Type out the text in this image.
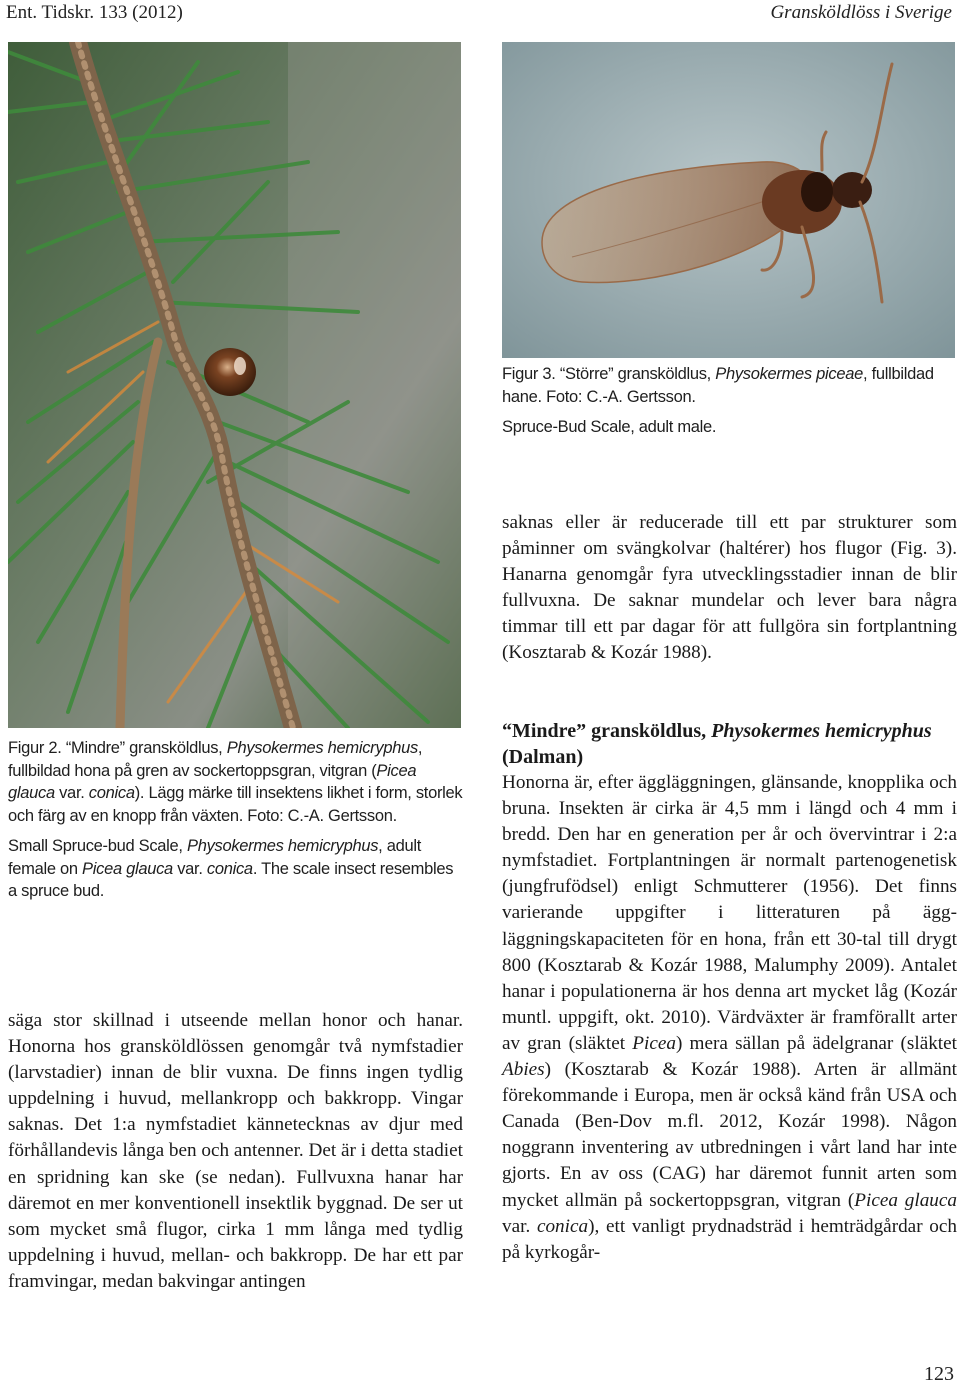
Ent. Tidskr. 133 (2012)	Gransköldlöss i Sverige

Figur 3. “Större” gransköldlus, Physokermes piceae, fullbildad hane. Foto: C.-A. Gertsson.

Spruce-Bud Scale, adult male.

saknas eller är reducerade till ett par strukturer som påminner om svängkolvar (haltérer) hos flugor (Fig. 3). Hanarna genomgår fyra utvecklingsstadier innan de blir fullvuxna. De saknar mundelar och lever bara några timmar till ett par dagar för att fullgöra sin fortplantning (Kosztarab & Kozár 1988).

Figur 2. “Mindre” gransköldlus, Physokermes hemicryphus, fullbildad hona på gren av sockertoppsgran, vitgran (Picea glauca var. conica). Lägg märke till insektens likhet i form, storlek och färg av en knopp från växten. Foto: C.-A. Gertsson.

Small Spruce-bud Scale, Physokermes hemicryphus, adult female on Picea glauca var. conica. The scale insect resembles a spruce bud.

“Mindre” gransköldlus, Physokermes hemicryphus (Dalman)

Honorna är, efter äggläggningen, glänsande, knopplika och bruna. Insekten är cirka är 4,5 mm i längd och 4 mm i bredd. Den har en generation per år och övervintrar i 2:a nymfstadiet. Fortplantningen är normalt partenogenetisk (jungfrufödsel) enligt Schmutterer (1956). Det finns varierande uppgifter i litteraturen på äggläggningskapaciteten för en hona, från ett 30-tal till drygt 800 (Kosztarab & Kozár 1988, Malumphy 2009). Antalet hanar i populationerna är hos denna art mycket låg (Kozár muntl. uppgift, okt. 2010). Värdväxter är framförallt arter av gran (släktet Picea) mera sällan på ädelgranar (släktet Abies) (Kosztarab & Kozár 1988). Arten är allmänt förekommande i Europa, men är också känd från USA och Canada (Ben-Dov m.fl. 2012, Kozár 1998). Någon noggrann inventering av utbredningen i vårt land har inte gjorts. En av oss (CAG) har däremot funnit arten som mycket allmän på sockertoppsgran, vitgran (Picea glauca var. conica), ett vanligt prydnadsträd i hemträdgårdar och på kyrkogår-

säga stor skillnad i utseende mellan honor och hanar. Honorna hos gransköldlössen genomgår två nymfstadier (larvstadier) innan de blir vuxna. De finns ingen tydlig uppdelning i huvud, mellankropp och bakkropp. Vingar saknas. Det 1:a nymfstadiet kännetecknas av djur med förhållandevis långa ben och antenner. Det är i detta stadiet en spridning kan ske (se nedan). Fullvuxna hanar har däremot en mer konventionell insektlik byggnad. De ser ut som mycket små flugor, cirka 1 mm långa med tydlig uppdelning i huvud, mellan- och bakkropp. De har ett par framvingar, medan bakvingar antingen

123
